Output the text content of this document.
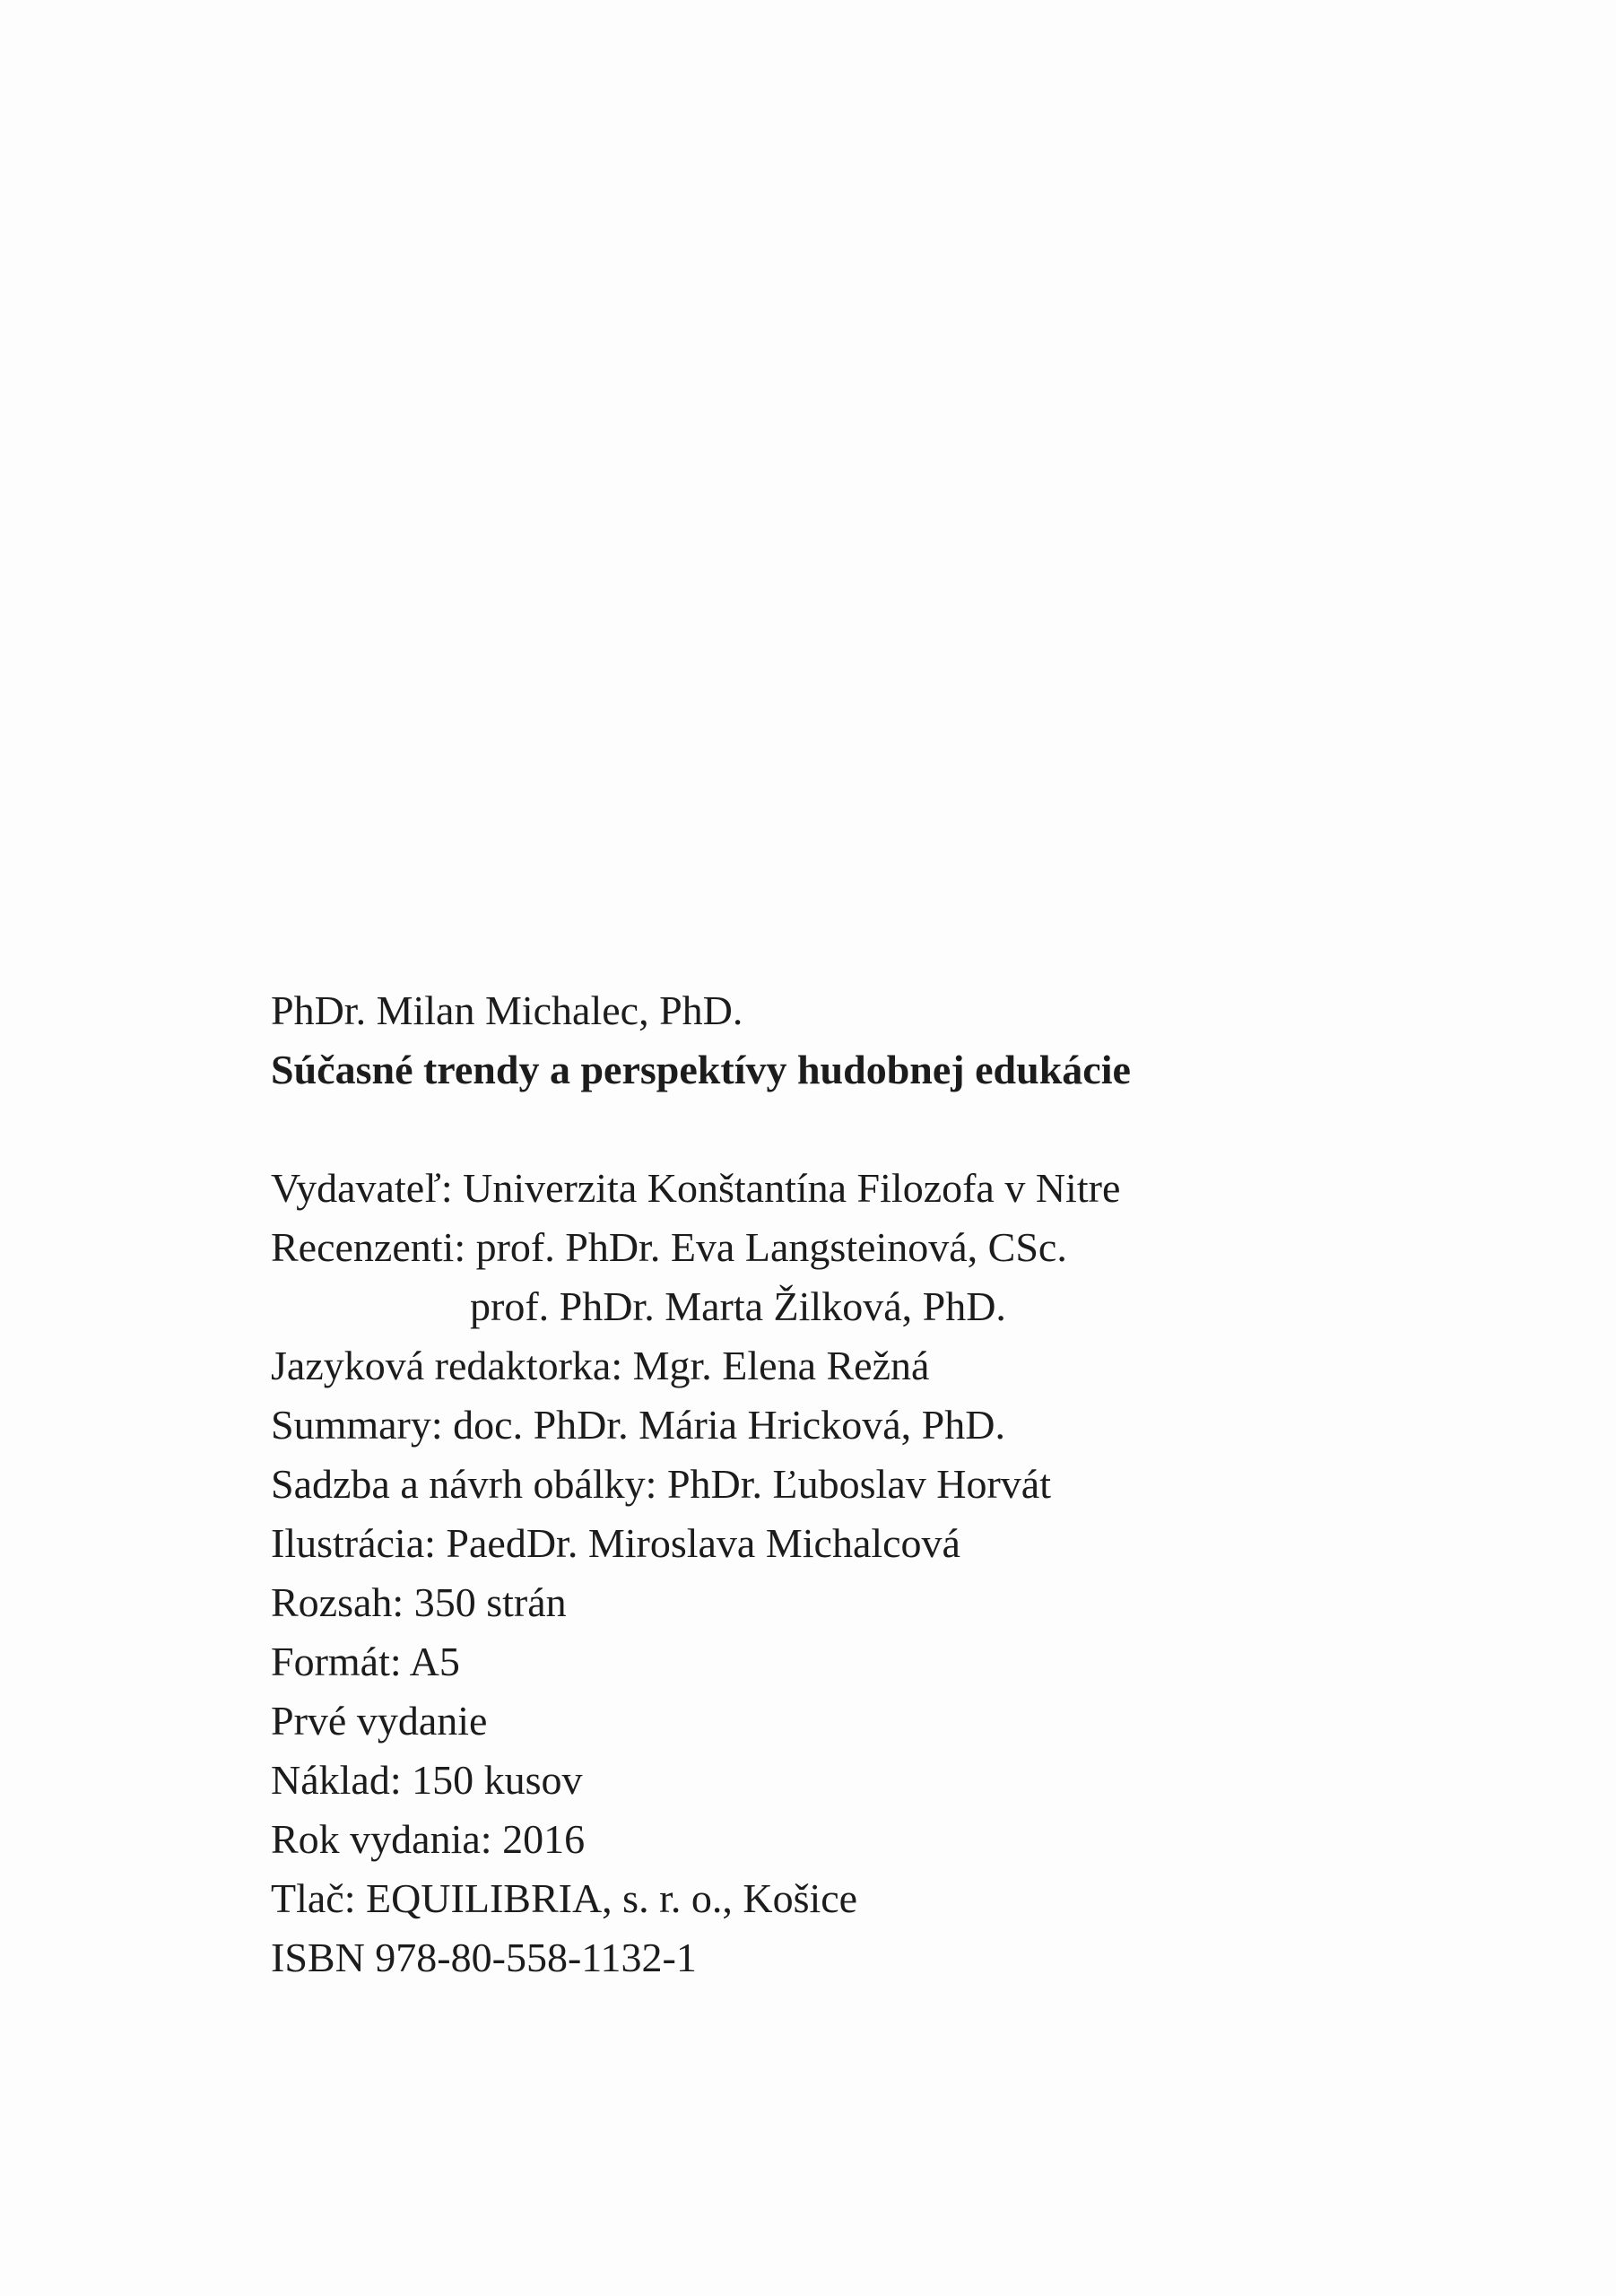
PhDr. Milan Michalec, PhD.
Súčasné trendy a perspektívy hudobnej edukácie
Vydavateľ: Univerzita Konštantína Filozofa v Nitre
Recenzenti: prof. PhDr. Eva Langsteinová, CSc.
prof. PhDr. Marta Žilková, PhD.
Jazyková redaktorka: Mgr. Elena Režná
Summary: doc. PhDr. Mária Hricková, PhD.
Sadzba a návrh obálky: PhDr. Ľuboslav Horvát
Ilustrácia: PaedDr. Miroslava Michalcová
Rozsah: 350 strán
Formát: A5
Prvé vydanie
Náklad: 150 kusov
Rok vydania: 2016
Tlač: EQUILIBRIA, s. r. o., Košice
ISBN 978-80-558-1132-1
